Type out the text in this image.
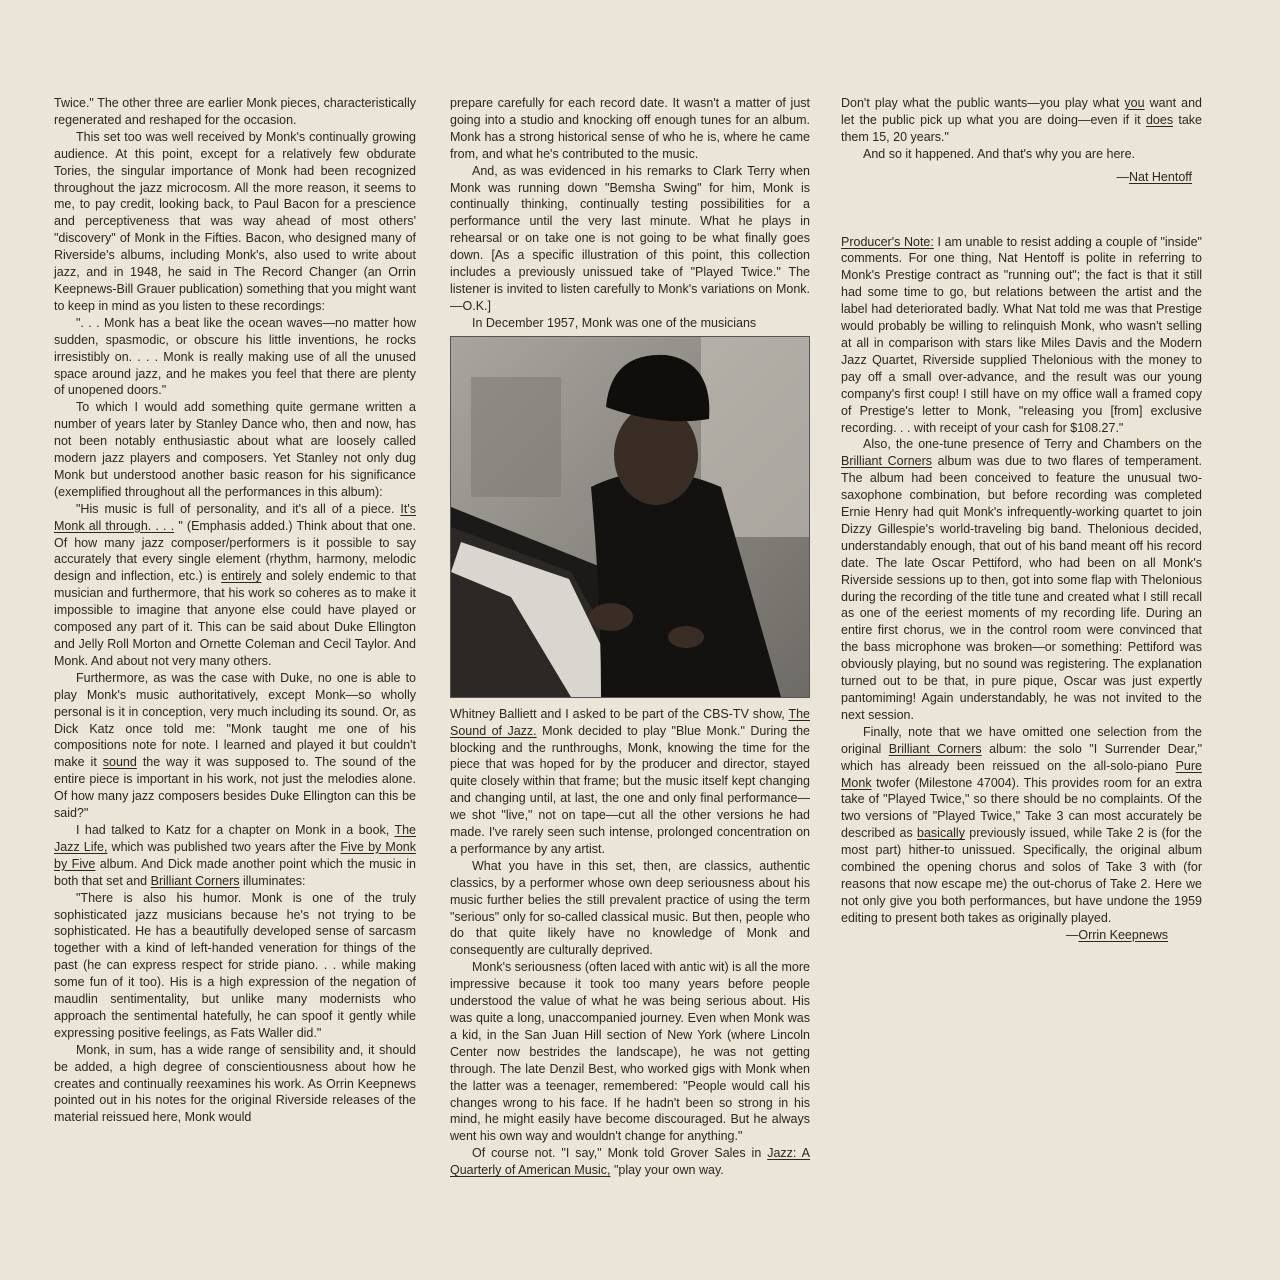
Twice." The other three are earlier Monk pieces, characteristically regenerated and reshaped for the occasion.

This set too was well received by Monk's continually growing audience. At this point, except for a relatively few obdurate Tories, the singular importance of Monk had been recognized throughout the jazz microcosm. All the more reason, it seems to me, to pay credit, looking back, to Paul Bacon for a prescience and perceptiveness that was way ahead of most others' "discovery" of Monk in the Fifties. Bacon, who designed many of Riverside's albums, including Monk's, also used to write about jazz, and in 1948, he said in The Record Changer (an Orrin Keepnews-Bill Grauer publication) something that you might want to keep in mind as you listen to these recordings:

". . . Monk has a beat like the ocean waves—no matter how sudden, spasmodic, or obscure his little inventions, he rocks irresistibly on. . . . Monk is really making use of all the unused space around jazz, and he makes you feel that there are plenty of unopened doors."

To which I would add something quite germane written a number of years later by Stanley Dance who, then and now, has not been notably enthusiastic about what are loosely called modern jazz players and composers. Yet Stanley not only dug Monk but understood another basic reason for his significance (exemplified throughout all the performances in this album):

"His music is full of personality, and it's all of a piece. It's Monk all through. . . . " (Emphasis added.) Think about that one. Of how many jazz composer/performers is it possible to say accurately that every single element (rhythm, harmony, melodic design and inflection, etc.) is entirely and solely endemic to that musician and furthermore, that his work so coheres as to make it impossible to imagine that anyone else could have played or composed any part of it. This can be said about Duke Ellington and Jelly Roll Morton and Ornette Coleman and Cecil Taylor. And Monk. And about not very many others.

Furthermore, as was the case with Duke, no one is able to play Monk's music authoritatively, except Monk—so wholly personal is it in conception, very much including its sound. Or, as Dick Katz once told me: "Monk taught me one of his compositions note for note. I learned and played it but couldn't make it sound the way it was supposed to. The sound of the entire piece is important in his work, not just the melodies alone. Of how many jazz composers besides Duke Ellington can this be said?"

I had talked to Katz for a chapter on Monk in a book, The Jazz Life, which was published two years after the Five by Monk by Five album. And Dick made another point which the music in both that set and Brilliant Corners illuminates:

"There is also his humor. Monk is one of the truly sophisticated jazz musicians because he's not trying to be sophisticated. He has a beautifully developed sense of sarcasm together with a kind of left-handed veneration for things of the past (he can express respect for stride piano. . . while making some fun of it too). His is a high expression of the negation of maudlin sentimentality, but unlike many modernists who approach the sentimental hatefully, he can spoof it gently while expressing positive feelings, as Fats Waller did."

Monk, in sum, has a wide range of sensibility and, it should be added, a high degree of conscientiousness about how he creates and continually reexamines his work. As Orrin Keepnews pointed out in his notes for the original Riverside releases of the material reissued here, Monk would

prepare carefully for each record date. It wasn't a matter of just going into a studio and knocking off enough tunes for an album. Monk has a strong historical sense of who he is, where he came from, and what he's contributed to the music.

And, as was evidenced in his remarks to Clark Terry when Monk was running down "Bemsha Swing" for him, Monk is continually thinking, continually testing possibilities for a performance until the very last minute. What he plays in rehearsal or on take one is not going to be what finally goes down. [As a specific illustration of this point, this collection includes a previously unissued take of "Played Twice." The listener is invited to listen carefully to Monk's variations on Monk.—O.K.]

In December 1957, Monk was one of the musicians

Whitney Balliett and I asked to be part of the CBS-TV show, The Sound of Jazz. Monk decided to play "Blue Monk." During the blocking and the runthroughs, Monk, knowing the time for the piece that was hoped for by the producer and director, stayed quite closely within that frame; but the music itself kept changing and changing until, at last, the one and only final performance—we shot "live," not on tape—cut all the other versions he had made. I've rarely seen such intense, prolonged concentration on a performance by any artist.

What you have in this set, then, are classics, authentic classics, by a performer whose own deep seriousness about his music further belies the still prevalent practice of using the term "serious" only for so-called classical music. But then, people who do that quite likely have no knowledge of Monk and consequently are culturally deprived.

Monk's seriousness (often laced with antic wit) is all the more impressive because it took too many years before people understood the value of what he was being serious about. His was quite a long, unaccompanied journey. Even when Monk was a kid, in the San Juan Hill section of New York (where Lincoln Center now bestrides the landscape), he was not getting through. The late Denzil Best, who worked gigs with Monk when the latter was a teenager, remembered: "People would call his changes wrong to his face. If he hadn't been so strong in his mind, he might easily have become discouraged. But he always went his own way and wouldn't change for anything."

Of course not. "I say," Monk told Grover Sales in Jazz: A Quarterly of American Music, "play your own way.

Don't play what the public wants—you play what you want and let the public pick up what you are doing—even if it does take them 15, 20 years."

And so it happened. And that's why you are here.

—Nat Hentoff

Producer's Note: I am unable to resist adding a couple of "inside" comments. For one thing, Nat Hentoff is polite in referring to Monk's Prestige contract as "running out"; the fact is that it still had some time to go, but relations between the artist and the label had deteriorated badly. What Nat told me was that Prestige would probably be willing to relinquish Monk, who wasn't selling at all in comparison with stars like Miles Davis and the Modern Jazz Quartet, Riverside supplied Thelonious with the money to pay off a small over-advance, and the result was our young company's first coup! I still have on my office wall a framed copy of Prestige's letter to Monk, "releasing you [from] exclusive recording. . . with receipt of your cash for $108.27."

Also, the one-tune presence of Terry and Chambers on the Brilliant Corners album was due to two flares of temperament. The album had been conceived to feature the unusual two-saxophone combination, but before recording was completed Ernie Henry had quit Monk's infrequently-working quartet to join Dizzy Gillespie's world-traveling big band. Thelonious decided, understandably enough, that out of his band meant off his record date. The late Oscar Pettiford, who had been on all Monk's Riverside sessions up to then, got into some flap with Thelonious during the recording of the title tune and created what I still recall as one of the eeriest moments of my recording life. During an entire first chorus, we in the control room were convinced that the bass microphone was broken—or something: Pettiford was obviously playing, but no sound was registering. The explanation turned out to be that, in pure pique, Oscar was just expertly pantomiming! Again understandably, he was not invited to the next session.

Finally, note that we have omitted one selection from the original Brilliant Corners album: the solo "I Surrender Dear," which has already been reissued on the all-solo-piano Pure Monk twofer (Milestone 47004). This provides room for an extra take of "Played Twice," so there should be no complaints. Of the two versions of "Played Twice," Take 3 can most accurately be described as basically previously issued, while Take 2 is (for the most part) hither-to unissued. Specifically, the original album combined the opening chorus and solos of Take 3 with (for reasons that now escape me) the out-chorus of Take 2. Here we not only give you both performances, but have undone the 1959 editing to present both takes as originally played.

—Orrin Keepnews
